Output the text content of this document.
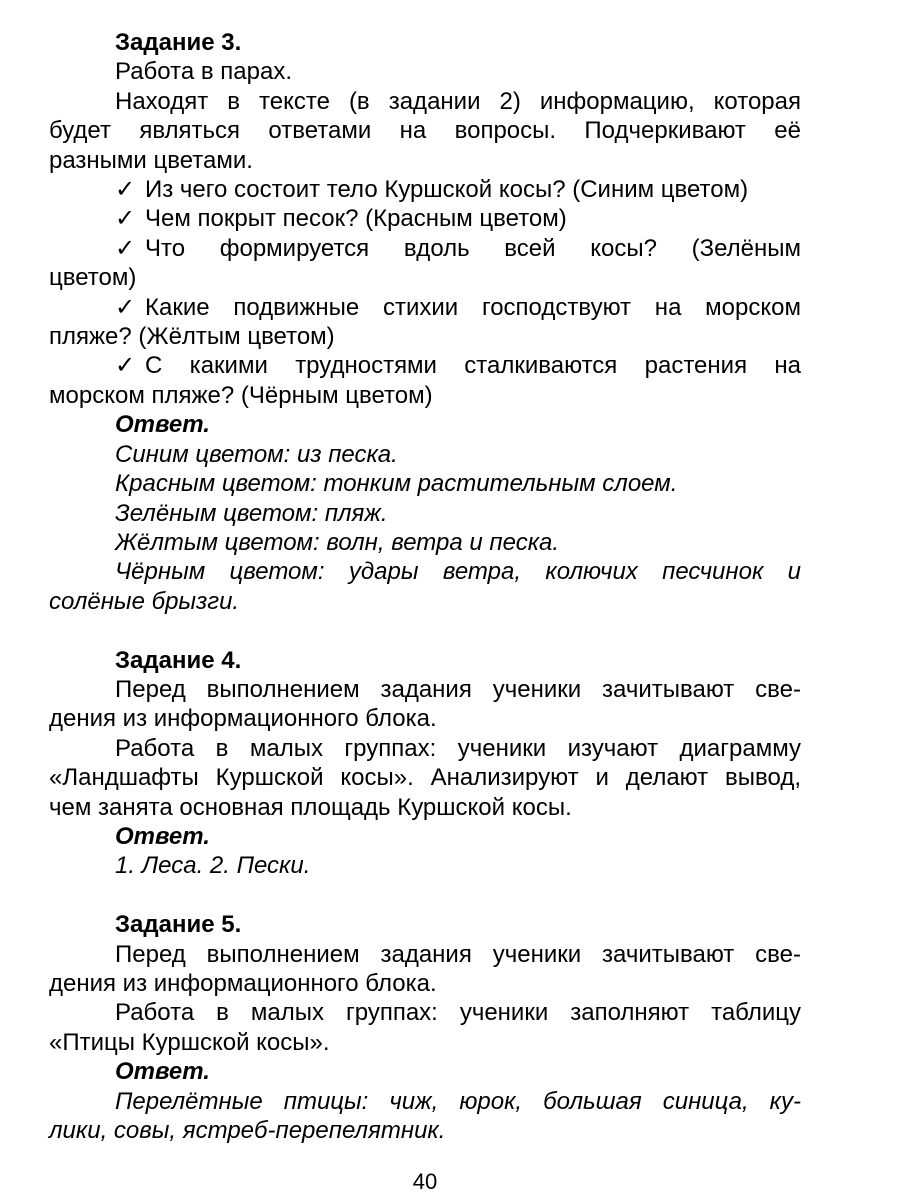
Задание 3.
Работа в парах.
Находят в тексте (в задании 2) информацию, которая
будет являться ответами на вопросы. Подчеркивают её
разными цветами.
✓ Из чего состоит тело Куршской косы? (Синим цветом)
✓ Чем покрыт песок? (Красным цветом)
✓ Что формируется вдоль всей косы? (Зелёным
цветом)
✓ Какие подвижные стихии господствуют на морском
пляже? (Жёлтым цветом)
✓ С какими трудностями сталкиваются растения на
морском пляже? (Чёрным цветом)
Ответ.
Синим цветом: из песка.
Красным цветом: тонким растительным слоем.
Зелёным цветом: пляж.
Жёлтым цветом: волн, ветра и песка.
Чёрным цветом: удары ветра, колючих песчинок и
солёные брызги.
Задание 4.
Перед выполнением задания ученики зачитывают све-
дения из информационного блока.
Работа в малых группах: ученики изучают диаграмму
«Ландшафты Куршской косы». Анализируют и делают вывод,
чем занята основная площадь Куршской косы.
Ответ.
1. Леса. 2. Пески.
Задание 5.
Перед выполнением задания ученики зачитывают све-
дения из информационного блока.
Работа в малых группах: ученики заполняют таблицу
«Птицы Куршской косы».
Ответ.
Перелётные птицы: чиж, юрок, большая синица, ку-
лики, совы, ястреб-перепелятник.
40
